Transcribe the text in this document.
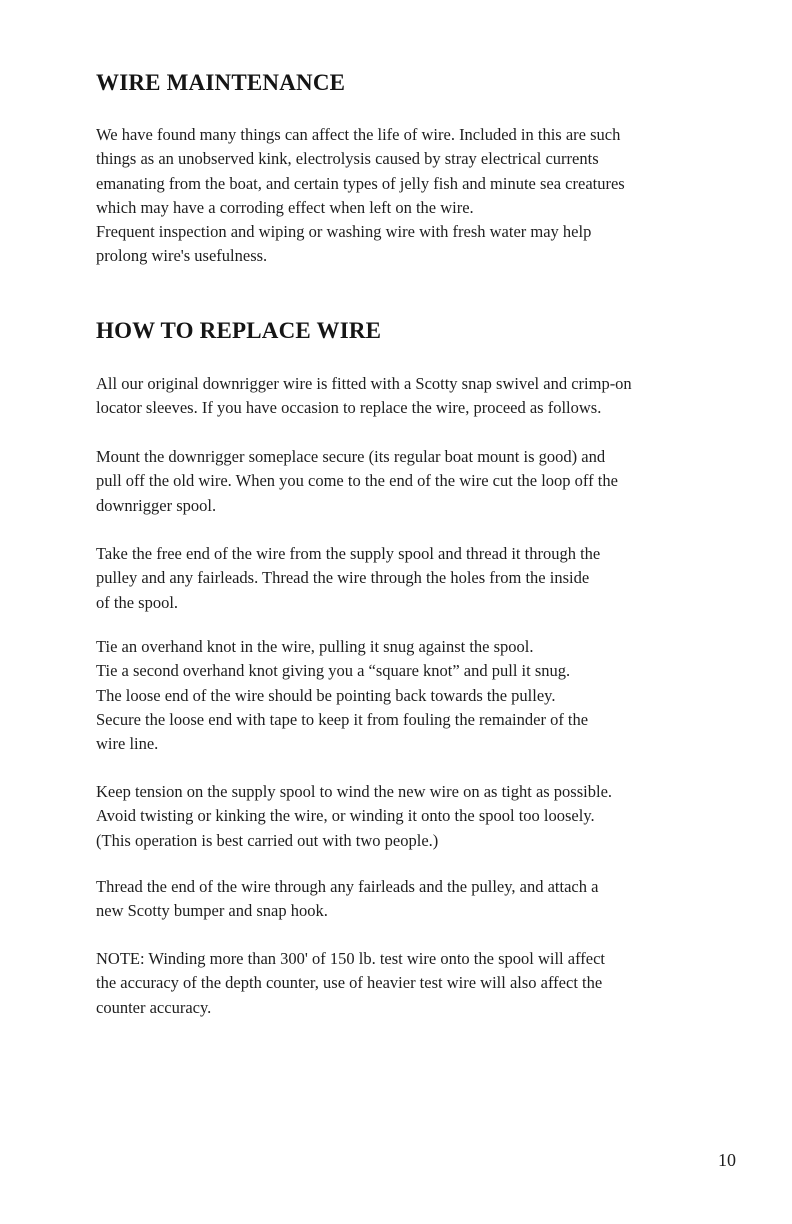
WIRE MAINTENANCE

We have found many things can affect the life of wire. Included in this are such
things as an unobserved kink, electrolysis caused by stray electrical currents
emanating from the boat, and certain types of jelly fish and minute sea creatures
which may have a corroding effect when left on the wire.
Frequent inspection and wiping or washing wire with fresh water may help
prolong wire's usefulness.

HOW TO REPLACE WIRE

All our original downrigger wire is fitted with a Scotty snap swivel and crimp-on
locator sleeves. If you have occasion to replace the wire, proceed as follows.

Mount the downrigger someplace secure (its regular boat mount is good) and
pull off the old wire. When you come to the end of the wire cut the loop off the
downrigger spool.

Take the free end of the wire from the supply spool and thread it through the
pulley and any fairleads. Thread the wire through the holes from the inside
of the spool.

Tie an overhand knot in the wire, pulling it snug against the spool.
Tie a second overhand knot giving you a “square knot” and pull it snug.
The loose end of the wire should be pointing back towards the pulley.
Secure the loose end with tape to keep it from fouling the remainder of the
wire line.

Keep tension on the supply spool to wind the new wire on as tight as possible.
Avoid twisting or kinking the wire, or winding it onto the spool too loosely.
(This operation is best carried out with two people.)

Thread the end of the wire through any fairleads and the pulley, and attach a
new Scotty bumper and snap hook.

NOTE: Winding more than 300' of 150 lb. test wire onto the spool will affect
the accuracy of the depth counter, use of heavier test wire will also affect the
counter accuracy.

10
